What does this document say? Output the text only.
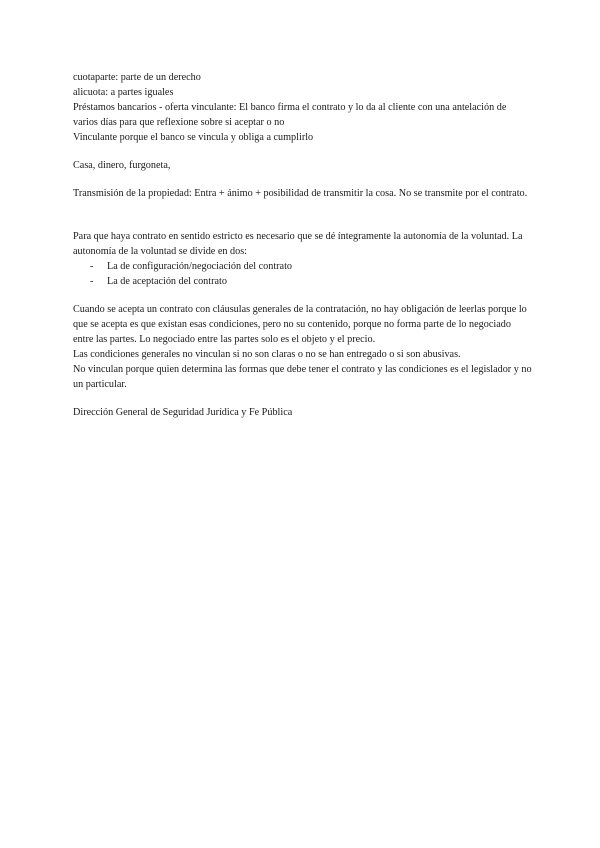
cuotaparte: parte de un derecho
alicuota: a partes iguales
Préstamos bancarios - oferta vinculante: El banco firma el contrato y lo da al cliente con una antelación de varios días para que reflexione sobre si aceptar o no
Vinculante porque el banco se vincula y obliga a cumplirlo
Casa, dinero, furgoneta,
Transmisión de la propiedad: Entra + ánimo + posibilidad de transmitir la cosa. No se transmite por el contrato.
Para que haya contrato en sentido estricto es necesario que se dé íntegramente la autonomía de la voluntad. La autonomía de la voluntad se divide en dos:
- La de configuración/negociación del contrato
- La de aceptación del contrato
Cuando se acepta un contrato con cláusulas generales de la contratación, no hay obligación de leerlas porque lo que se acepta es que existan esas condiciones, pero no su contenido, porque no forma parte de lo negociado entre las partes. Lo negociado entre las partes solo es el objeto y el precio.
Las condiciones generales no vinculan si no son claras o no se han entregado o si son abusivas.
No vinculan porque quien determina las formas que debe tener el contrato y las condiciones es el legislador y no un particular.
Dirección General de Seguridad Jurídica y Fe Pública
